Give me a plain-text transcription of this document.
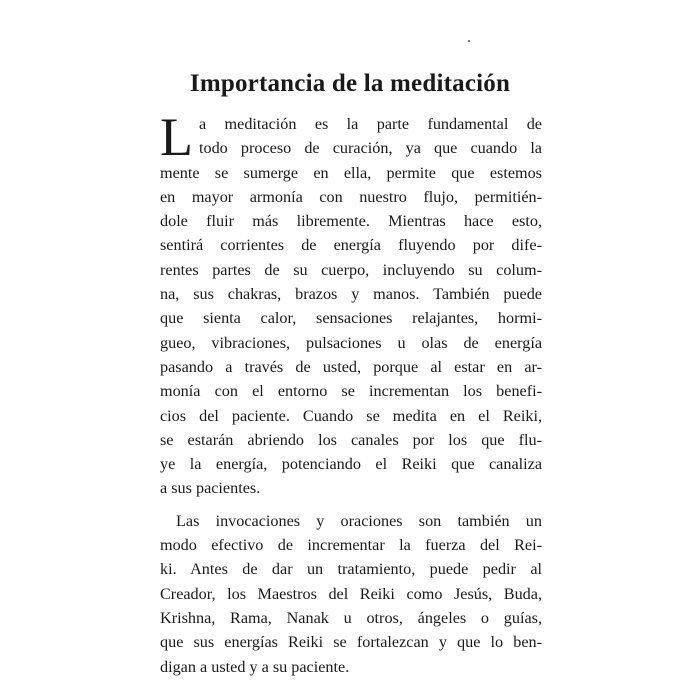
Importancia de la meditación
L a meditación es la parte fundamental de
todo proceso de curación, ya que cuando la
mente se sumerge en ella, permite que estemos
en mayor armonía con nuestro flujo, permitién-
dole fluir más libremente. Mientras hace esto,
sentirá corrientes de energía fluyendo por dife-
rentes partes de su cuerpo, incluyendo su colum-
na, sus chakras, brazos y manos. También puede
que sienta calor, sensaciones relajantes, hormi-
gueo, vibraciones, pulsaciones u olas de energía
pasando a través de usted, porque al estar en ar-
monía con el entorno se incrementan los benefi-
cios del paciente. Cuando se medita en el Reiki,
se estarán abriendo los canales por los que flu-
ye la energía, potenciando el Reiki que canaliza
a sus pacientes.
Las invocaciones y oraciones son también un
modo efectivo de incrementar la fuerza del Rei-
ki. Antes de dar un tratamiento, puede pedir al
Creador, los Maestros del Reiki como Jesús, Buda,
Krishna, Rama, Nanak u otros, ángeles o guías,
que sus energías Reiki se fortalezcan y que lo ben-
digan a usted y a su paciente.
